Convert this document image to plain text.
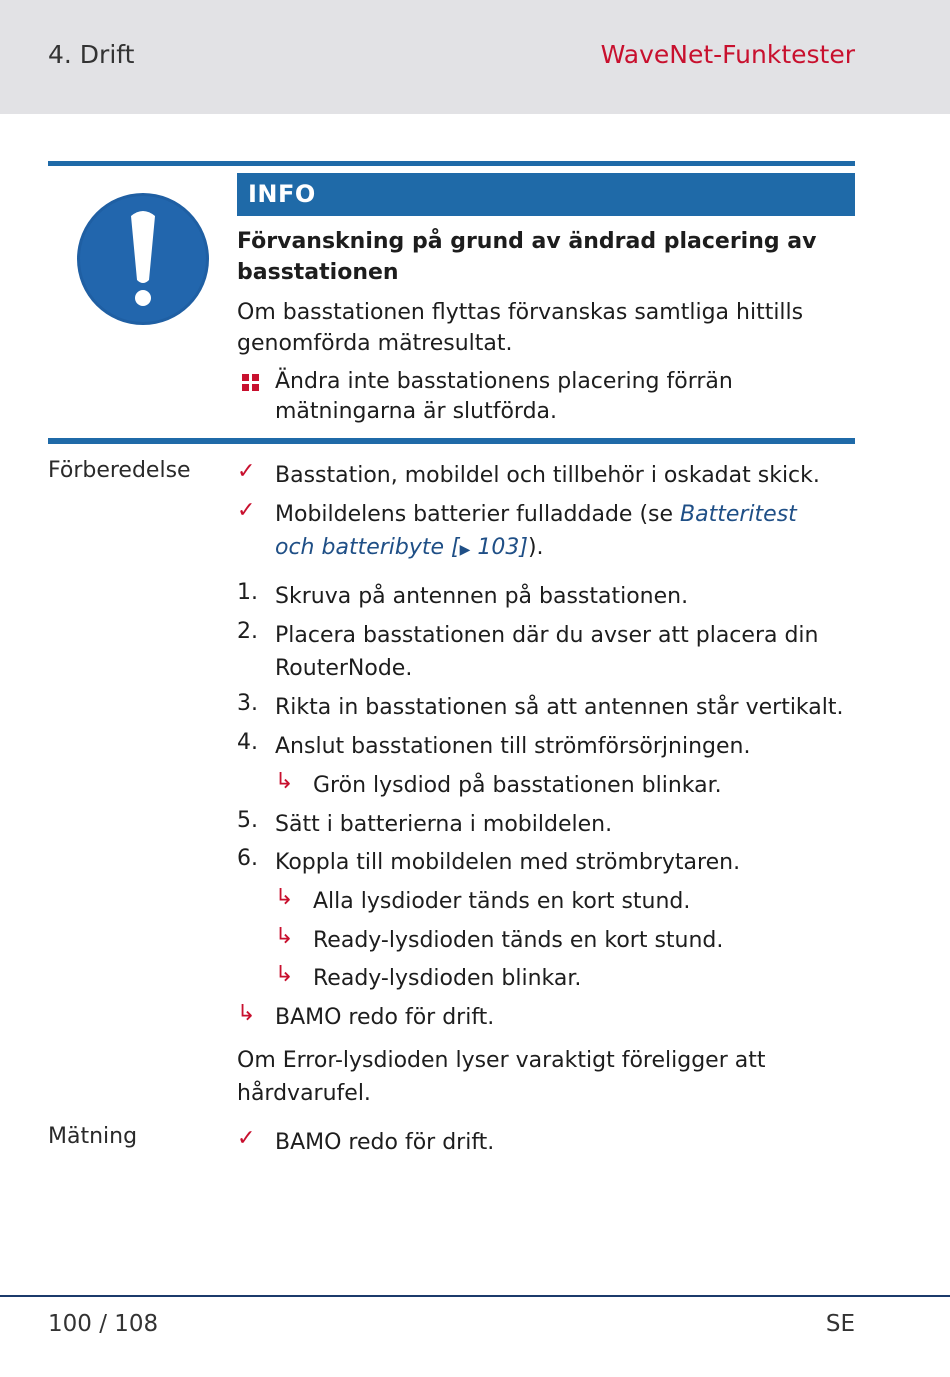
4. Drift	WaveNet-Funktester
INFO
Förvanskning på grund av ändrad placering av basstationen
Om basstationen flyttas förvanskas samtliga hittills genomförda mätresultat.
Ändra inte basstationens placering förrän mätningarna är slutförda.
Förberedelse ✓ Basstation, mobildel och tillbehör i oskadat skick.
✓ Mobildelens batterier fulladdade (se Batteritest och batteribyte [▶ 103]).
1. Skruva på antennen på basstationen.
2. Placera basstationen där du avser att placera din RouterNode.
3. Rikta in basstationen så att antennen står vertikalt.
4. Anslut basstationen till strömförsörjningen.
↳ Grön lysdiod på basstationen blinkar.
5. Sätt i batterierna i mobildelen.
6. Koppla till mobildelen med strömbrytaren.
↳ Alla lysdioder tänds en kort stund.
↳ Ready-lysdioden tänds en kort stund.
↳ Ready-lysdioden blinkar.
↳ BAMO redo för drift.
Om Error-lysdioden lyser varaktigt föreligger att hårdvarufel.
Mätning	✓ BAMO redo för drift.
100 / 108	SE
